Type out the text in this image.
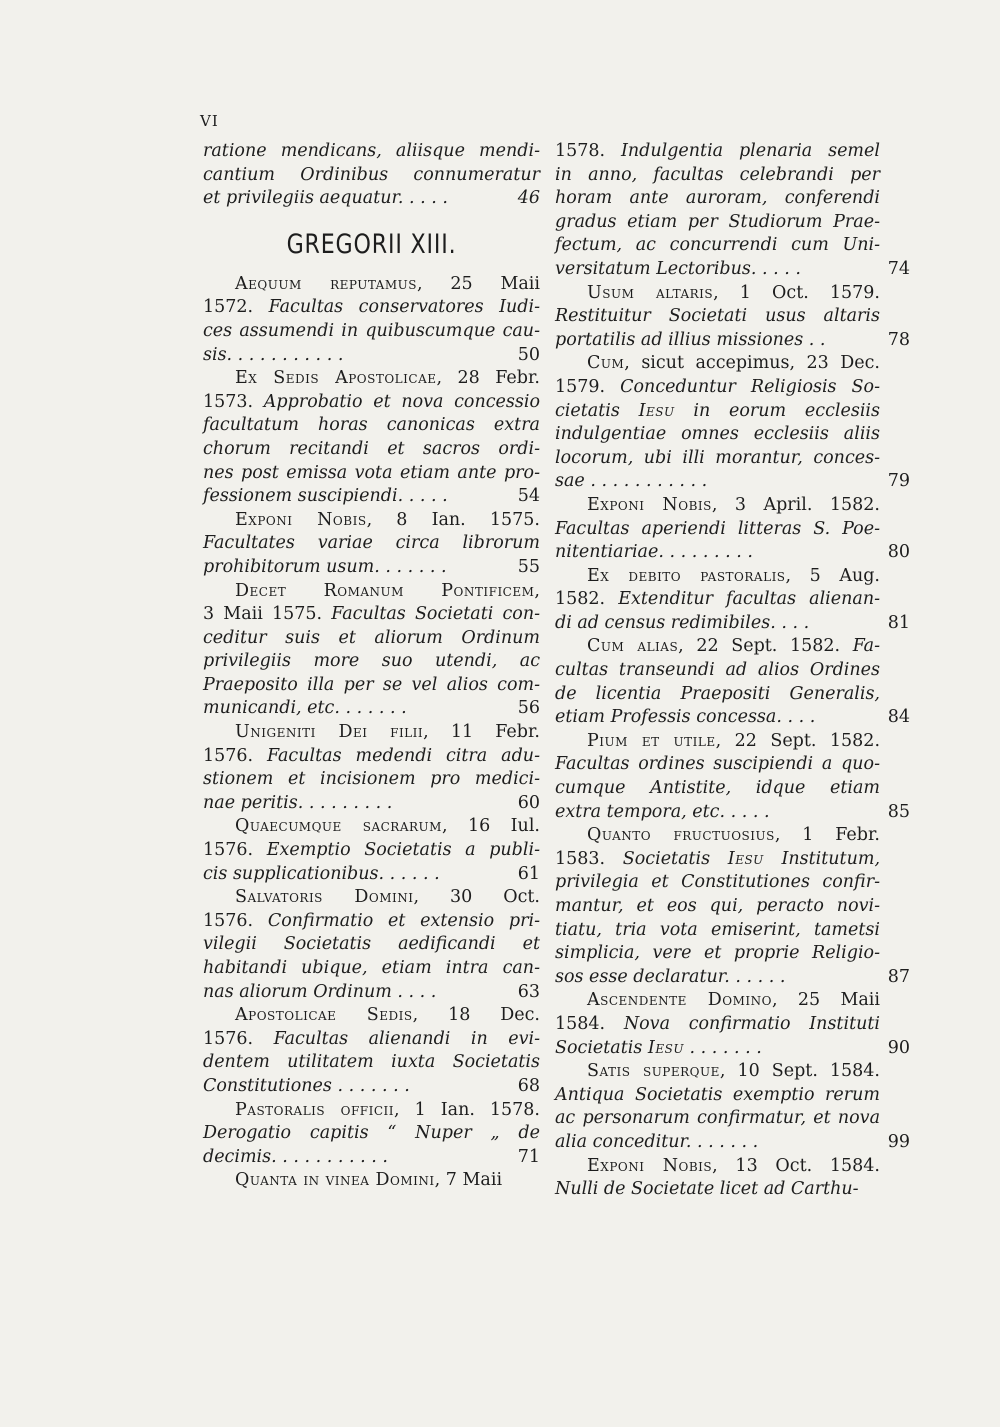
VI
ratione mendicans, aliisque mendi-
cantium Ordinibus connumeratur
et privilegiis aequatur. . . . .	46
GREGORII XIII.
Aequum reputamus, 25 Maii
1572. Facultas conservatores Iudi-
ces assumendi in quibuscumque cau-
sis. . . . . . . . . . .	50
Ex Sedis Apostolicae, 28 Febr.
1573. Approbatio et nova concessio
facultatum horas canonicas extra
chorum recitandi et sacros ordi-
nes post emissa vota etiam ante pro-
fessionem suscipiendi. . . . .	54
Exponi Nobis, 8 Ian. 1575.
Facultates variae circa librorum
prohibitorum usum. . . . . . .	55
Decet Romanum Pontificem,
3 Maii 1575. Facultas Societati con-
ceditur suis et aliorum Ordinum
privilegiis more suo utendi, ac
Praeposito illa per se vel alios com-
municandi, etc. . . . . . .	56
Unigeniti Dei filii, 11 Febr.
1576. Facultas medendi citra adu-
stionem et incisionem pro medici-
nae peritis. . . . . . . . .	60
Quaecumque sacrarum, 16 Iul.
1576. Exemptio Societatis a publi-
cis supplicationibus. . . . . .	61
Salvatoris Domini, 30 Oct.
1576. Confirmatio et extensio pri-
vilegii Societatis aedificandi et
habitandi ubique, etiam intra can-
nas aliorum Ordinum . . . .	63
Apostolicae Sedis, 18 Dec.
1576. Facultas alienandi in evi-
dentem utilitatem iuxta Societatis
Constitutiones . . . . . . .	68
Pastoralis officii, 1 Ian. 1578.
Derogatio capitis “ Nuper „ de
decimis. . . . . . . . . . .	71
Quanta in vinea Domini, 7 Maii
1578. Indulgentia plenaria semel
in anno, facultas celebrandi per
horam ante auroram, conferendi
gradus etiam per Studiorum Prae-
fectum, ac concurrendi cum Uni-
versitatum Lectoribus. . . . .	74
Usum altaris, 1 Oct. 1579.
Restituitur Societati usus altaris
portatilis ad illius missiones . .	78
Cum, sicut accepimus, 23 Dec.
1579. Conceduntur Religiosis So-
cietatis Iesu in eorum ecclesiis
indulgentiae omnes ecclesiis aliis
locorum, ubi illi morantur, conces-
sae . . . . . . . . . . .	79
Exponi Nobis, 3 April. 1582.
Facultas aperiendi litteras S. Poe-
nitentiariae. . . . . . . . .	80
Ex debito pastoralis, 5 Aug.
1582. Extenditur facultas alienan-
di ad census redimibiles. . . .	81
Cum alias, 22 Sept. 1582. Fa-
cultas transeundi ad alios Ordines
de licentia Praepositi Generalis,
etiam Professis concessa. . . .	84
Pium et utile, 22 Sept. 1582.
Facultas ordines suscipiendi a quo-
cumque Antistite, idque etiam
extra tempora, etc. . . . .	85
Quanto fructuosius, 1 Febr.
1583. Societatis Iesu Institutum,
privilegia et Constitutiones confir-
mantur, et eos qui, peracto novi-
tiatu, tria vota emiserint, tametsi
simplicia, vere et proprie Religio-
sos esse declaratur. . . . . .	87
Ascendente Domino, 25 Maii
1584. Nova confirmatio Instituti
Societatis Iesu . . . . . . .	90
Satis superque, 10 Sept. 1584.
Antiqua Societatis exemptio rerum
ac personarum confirmatur, et nova
alia conceditur. . . . . . .	99
Exponi Nobis, 13 Oct. 1584.
Nulli de Societate licet ad Carthu-
